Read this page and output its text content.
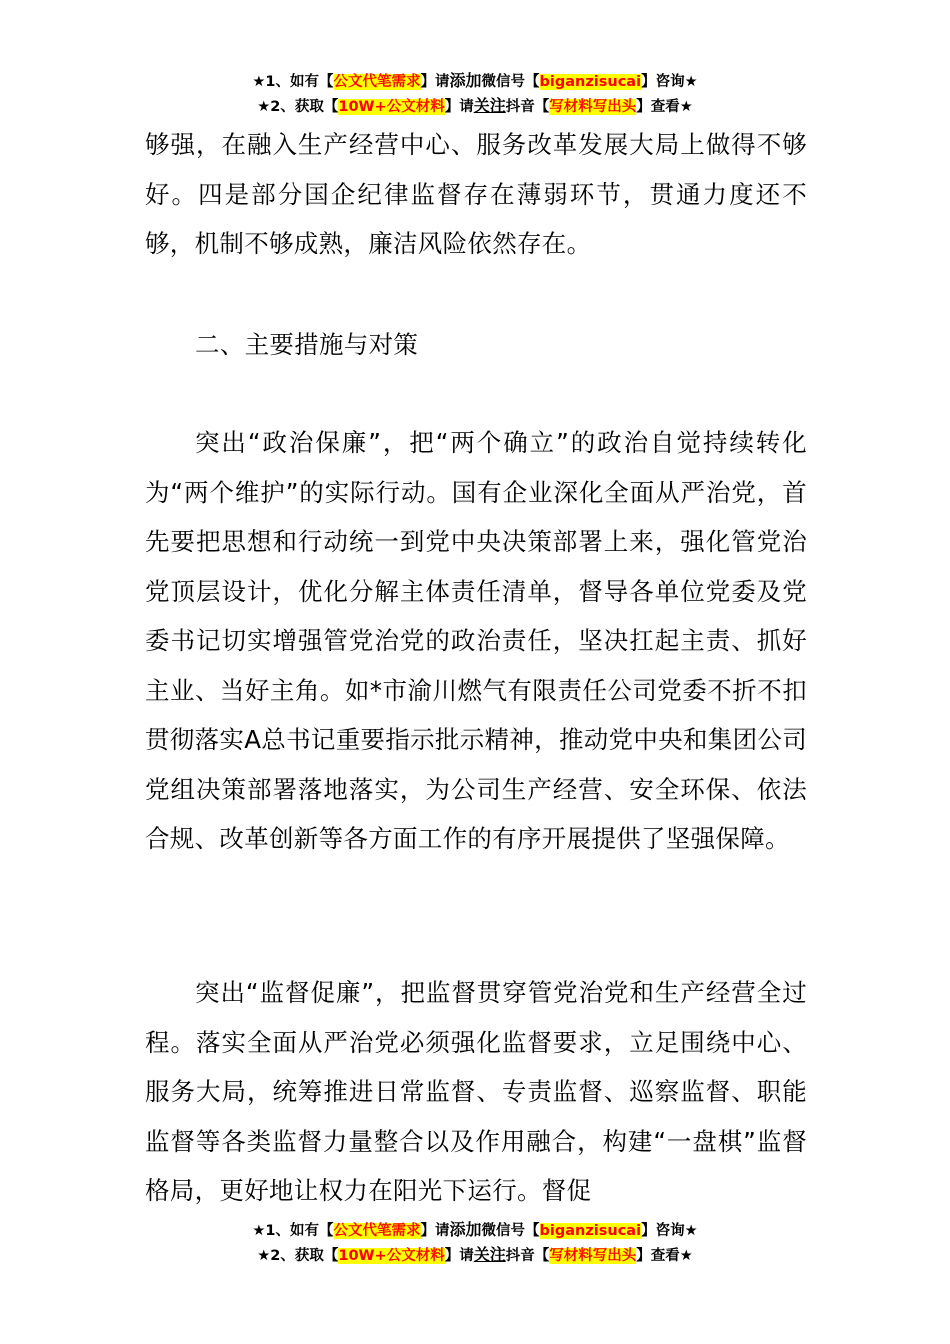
★1、如有【公文代笔需求】请添加微信号【biganzisucai】咨询★
★2、获取【10W+公文材料】请关注抖音【写材料写出头】查看★
够强，在融入生产经营中心、服务改革发展大局上做得不够好。四是部分国企纪律监督存在薄弱环节，贯通力度还不够，机制不够成熟，廉洁风险依然存在。
二、主要措施与对策
突出“政治保廉”，把“两个确立”的政治自觉持续转化为“两个维护”的实际行动。国有企业深化全面从严治党，首先要把思想和行动统一到党中央决策部署上来，强化管党治党顶层设计，优化分解主体责任清单，督导各单位党委及党委书记切实增强管党治党的政治责任，坚决扛起主责、抓好主业、当好主角。如*市渝川燃气有限责任公司党委不折不扣贯彻落实A总书记重要指示批示精神，推动党中央和集团公司党组决策部署落地落实，为公司生产经营、安全环保、依法合规、改革创新等各方面工作的有序开展提供了坚强保障。
突出“监督促廉”，把监督贯穿管党治党和生产经营全过程。落实全面从严治党必须强化监督要求，立足围绕中心、服务大局，统筹推进日常监督、专责监督、巡察监督、职能监督等各类监督力量整合以及作用融合，构建“一盘棋”监督格局，更好地让权力在阳光下运行。督促
★1、如有【公文代笔需求】请添加微信号【biganzisucai】咨询★
★2、获取【10W+公文材料】请关注抖音【写材料写出头】查看★
